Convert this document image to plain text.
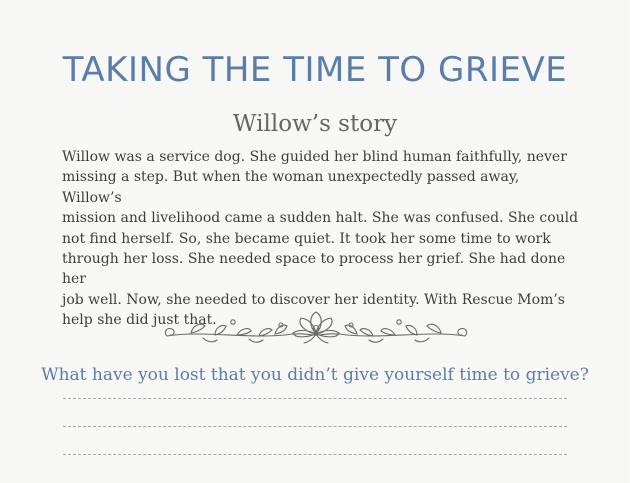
TAKING THE TIME TO GRIEVE
Willow’s story
Willow was a service dog. She guided her blind human faithfully, never
missing a step. But when the woman unexpectedly passed away, Willow’s
mission and livelihood came a sudden halt. She was confused. She could
not find herself. So, she became quiet. It took her some time to work
through her loss. She needed space to process her grief. She had done her
job well. Now, she needed to discover her identity. With Rescue Mom’s
help she did just that.
What have you lost that you didn’t give yourself time to grieve?
